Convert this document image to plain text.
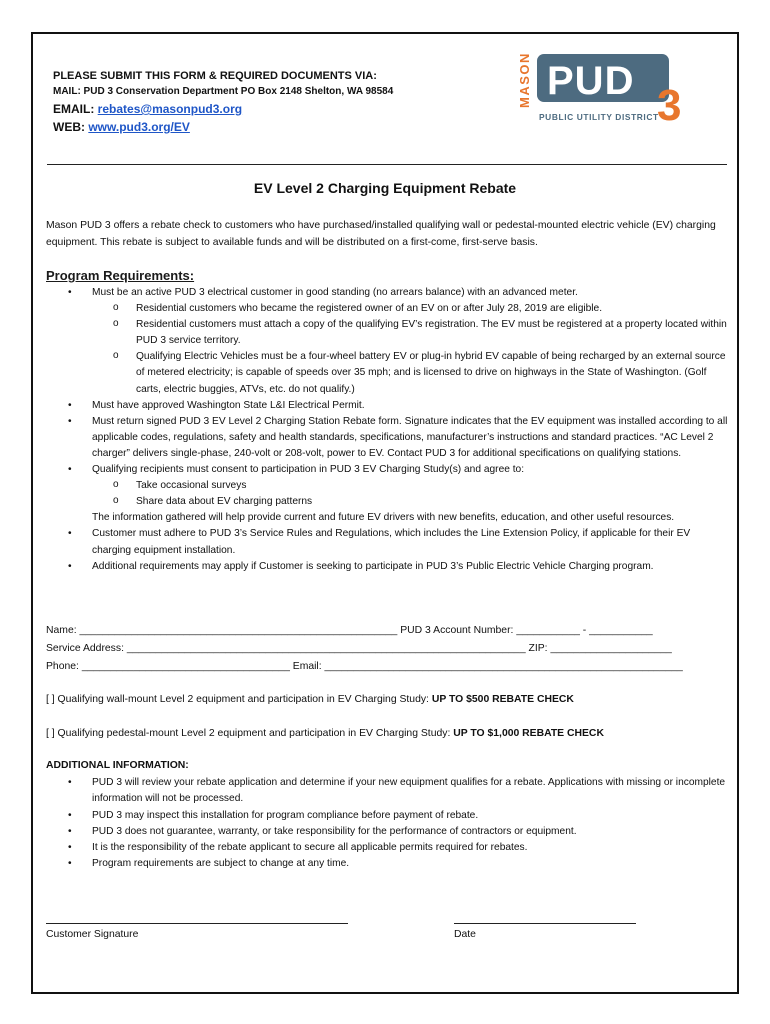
PLEASE SUBMIT THIS FORM & REQUIRED DOCUMENTS VIA:
MAIL: PUD 3 Conservation Department PO Box 2148 Shelton, WA 98584
EMAIL: rebates@masonpud3.org
WEB: www.pud3.org/EV
MASON PUD 3
PUBLIC UTILITY DISTRICT
EV Level 2 Charging Equipment Rebate
Mason PUD 3 offers a rebate check to customers who have purchased/installed qualifying wall or pedestal-mounted electric vehicle (EV) charging equipment. This rebate is subject to available funds and will be distributed on a first-come, first-serve basis.
Program Requirements:
• Must be an active PUD 3 electrical customer in good standing (no arrears balance) with an advanced meter.
o Residential customers who became the registered owner of an EV on or after July 28, 2019 are eligible.
o Residential customers must attach a copy of the qualifying EV’s registration. The EV must be registered at a property located within PUD 3 service territory.
o Qualifying Electric Vehicles must be a four-wheel battery EV or plug-in hybrid EV capable of being recharged by an external source of metered electricity; is capable of speeds over 35 mph; and is licensed to drive on highways in the State of Washington. (Golf carts, electric buggies, ATVs, etc. do not qualify.)
• Must have approved Washington State L&I Electrical Permit.
• Must return signed PUD 3 EV Level 2 Charging Station Rebate form. Signature indicates that the EV equipment was installed according to all applicable codes, regulations, safety and health standards, specifications, manufacturer’s instructions and standard practices. “AC Level 2 charger” delivers single-phase, 240-volt or 208-volt, power to EV. Contact PUD 3 for additional specifications on qualifying stations.
• Qualifying recipients must consent to participation in PUD 3 EV Charging Study(s) and agree to:
o Take occasional surveys
o Share data about EV charging patterns
The information gathered will help provide current and future EV drivers with new benefits, education, and other useful resources.
• Customer must adhere to PUD 3’s Service Rules and Regulations, which includes the Line Extension Policy, if applicable for their EV charging equipment installation.
• Additional requirements may apply if Customer is seeking to participate in PUD 3’s Public Electric Vehicle Charging program.
Name: _______________________________________________________ PUD 3 Account Number: ___________ - ___________
Service Address: _____________________________________________________________________ ZIP: _____________________
Phone: ____________________________________ Email: ______________________________________________________________
[ ] Qualifying wall-mount Level 2 equipment and participation in EV Charging Study: UP TO $500 REBATE CHECK
[ ] Qualifying pedestal-mount Level 2 equipment and participation in EV Charging Study: UP TO $1,000 REBATE CHECK
ADDITIONAL INFORMATION:
• PUD 3 will review your rebate application and determine if your new equipment qualifies for a rebate. Applications with missing or incomplete information will not be processed.
• PUD 3 may inspect this installation for program compliance before payment of rebate.
• PUD 3 does not guarantee, warranty, or take responsibility for the performance of contractors or equipment.
• It is the responsibility of the rebate applicant to secure all applicable permits required for rebates.
• Program requirements are subject to change at any time.
Customer Signature	Date
